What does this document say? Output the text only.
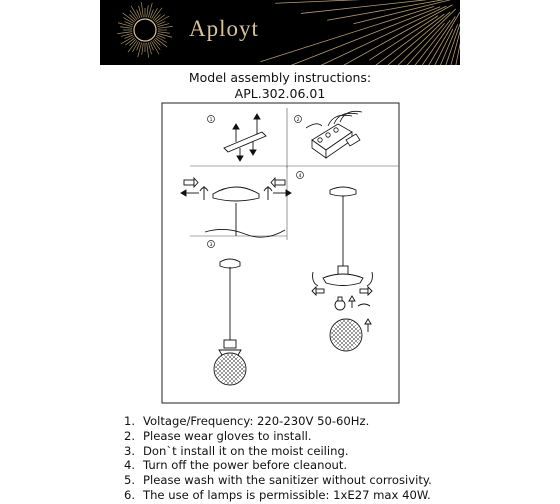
Aployt
Model assembly instructions:
APL.302.06.01
1	2
3
4
1. Voltage/Frequency: 220-230V 50-60Hz.
2. Please wear gloves to install.
3. Don`t install it on the moist ceiling.
4. Turn off the power before cleanout.
5. Please wash with the sanitizer without corrosivity.
6. The use of lamps is permissible: 1xE27 max 40W.
